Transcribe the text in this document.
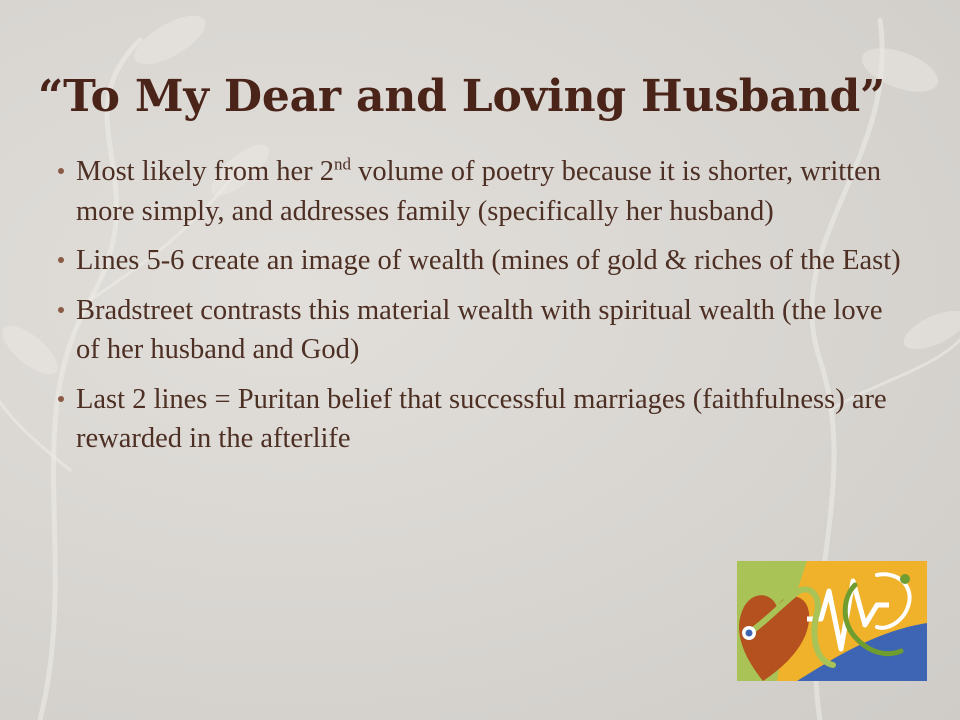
“To My Dear and Loving Husband”
Most likely from her 2nd volume of poetry because it is shorter, written more simply, and addresses family (specifically her husband)
Lines 5-6 create an image of wealth (mines of gold & riches of the East)
Bradstreet contrasts this material wealth with spiritual wealth (the love of her husband and God)
Last 2 lines = Puritan belief that successful marriages (faithfulness) are rewarded in the afterlife
